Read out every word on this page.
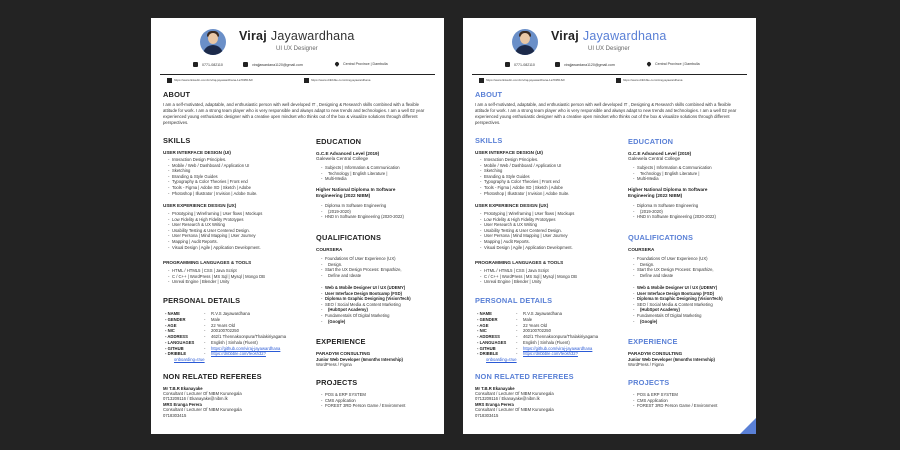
Viraj Jayawardhana
UI UX Designer
0771-082110	virajjawardana1120@gmail.com	Central Province | Dambulla
https://www.linkedin.com/in/viraj-jayawardhana-1a7995162/	https://www.dribbble.com/viraj-jayawardhana
ABOUT
I am a self-motivated, adaptable, and enthusiastic person with well developed IT , Designing & Research skills combined with a flexible attitude for work. I am a strong team player who is very responsible and always adapt to new trends and technologies. I am a well 02 year experienced young enthusiastic designer with a creative open mindset who thinks out of the box & visualize solutions through different perspectives.
SKILLS
USER INTERFACE DESIGN (UI)
- Interaction Design Principles.
- Mobile / Web / Dashboard / Application UI
- Sketching
- Branding & Style Guides
- Typography & Color Theories | Front end
- Tools - Figma | Adobe XD | Sketch | Adobe
- Photoshop | Illustrator | Invision | Adobe Suite.
USER EXPERIENCE DESIGN (UX)
- Prototyping | Wireframing | User flows | Mockups
- Low Fidelity & High Fidelity Prototypes
- User Research & UX Writing
- Usability Testing & User Centered Design.
- User Persona | Mind Mapping | User Journey
- Mapping | Audit Reports.
- Visual Design | Agile | Application Development.
PROGRAMMING LANGUAGES & TOOLS
- HTML / HTML5 | CSS | Java Script
- C / C++ | WordPress | MS Sql | Mysql | Mongo DB
- Unreal Engine | Blender | Unity
PERSONAL DETAILS
- NAME	-	R.V.S Jayawardhana
- GENDER	-	Male
- AGE	-	22 Years Old
- NIC	-	200100702250
- ADDRESS	-	462/1 Thennakoonpura/Thalakiriyagama
- LANGUAGES	-	English | Sinhala (Fluent)
- GITHUB	-	https://github.com/viraj-jayawardhana
- DRIBBLE	-	https://dribbble.com/feosh32?
onboarding=true
NON RELATED REFEREES
Mr T.B.R Ekanayake
Consultant / Lecturer Of NIBM Kurunegala
0713209116 / Ekanayake@nibm.lk
MRS Eranga Perera
Consultant / Lecturer Of NIBM Kurunegala
0718303415
EDUCATION
G.C.E Advanced Level (2019)
Galewela Central College
- Subjects | Information & Communication
- Technology | English Literature |
- Multi-Media
Higher National Diploma In Software
Engineering (2022 NIBM)
- Diploma In Software Engineering
- (2019-2020)
- HND In Software Engineering (2020-2022)
QUALIFICATIONS
COURSERA
- Foundations Of User Experience (UX)
- Design.
- Start the UX Design Process: Empathize,
- Define and Ideate
- Web & Mobile Designer UI / UX (UDEMY)
- User Interface Design Bootcamp (FSD)
- Diploma In Graphic Designing (VisionTech)
- SEO / Social Media & Content Marketing
- (HubSpot Academy)
- Fundamentals Of Digital Marketing
- (Google)
EXPERIENCE
PARADYM CONSULTING
Junior Web Developer (6months Internship)
WordPress / Figma
PROJECTS
- POS & ERP SYSTEM
- CMS Application
- FOREST 3RD Person Game / Environment
Viraj Jayawardhana
UI UX Designer
0771-082110	virajjawardana1120@gmail.com	Central Province | Dambulla
https://www.linkedin.com/in/viraj-jayawardhana-1a7995162/	https://www.dribbble.com/viraj-jayawardhana
ABOUT
I am a self-motivated, adaptable, and enthusiastic person with well developed IT , Designing & Research skills combined with a flexible attitude for work. I am a strong team player who is very responsible and always adapt to new trends and technologies. I am a well 02 year experienced young enthusiastic designer with a creative open mindset who thinks out of the box & visualize solutions through different perspectives.
SKILLS
USER INTERFACE DESIGN (UI)
- Interaction Design Principles.
- Mobile / Web / Dashboard / Application UI
- Sketching
- Branding & Style Guides
- Typography & Color Theories | Front end
- Tools - Figma | Adobe XD | Sketch | Adobe
- Photoshop | Illustrator | Invision | Adobe Suite.
USER EXPERIENCE DESIGN (UX)
- Prototyping | Wireframing | User flows | Mockups
- Low Fidelity & High Fidelity Prototypes
- User Research & UX Writing
- Usability Testing & User Centered Design.
- User Persona | Mind Mapping | User Journey
- Mapping | Audit Reports.
- Visual Design | Agile | Application Development.
PROGRAMMING LANGUAGES & TOOLS
- HTML / HTML5 | CSS | Java Script
- C / C++ | WordPress | MS Sql | Mysql | Mongo DB
- Unreal Engine | Blender | Unity
PERSONAL DETAILS
- NAME	-	R.V.S Jayawardhana
- GENDER	-	Male
- AGE	-	22 Years Old
- NIC	-	200100702250
- ADDRESS	-	462/1 Thennakoonpura/Thalakiriyagama
- LANGUAGES	-	English | Sinhala (Fluent)
- GITHUB	-	https://github.com/viraj-jayawardhana
- DRIBBLE	-	https://dribbble.com/feosh32?
onboarding=true
NON RELATED REFEREES
Mr T.B.R Ekanayake
Consultant / Lecturer Of NIBM Kurunegala
0713209116 / Ekanayake@nibm.lk
MRS Eranga Perera
Consultant / Lecturer Of NIBM Kurunegala
0718303415
EDUCATION
G.C.E Advanced Level (2019)
Galewela Central College
- Subjects | Information & Communication
- Technology | English Literature |
- Multi-Media
Higher National Diploma In Software
Engineering (2022 NIBM)
- Diploma In Software Engineering
- (2019-2020)
- HND In Software Engineering (2020-2022)
QUALIFICATIONS
COURSERA
- Foundations Of User Experience (UX)
- Design.
- Start the UX Design Process: Empathize,
- Define and Ideate
- Web & Mobile Designer UI / UX (UDEMY)
- User Interface Design Bootcamp (FSD)
- Diploma In Graphic Designing (VisionTech)
- SEO / Social Media & Content Marketing
- (HubSpot Academy)
- Fundamentals Of Digital Marketing
- (Google)
EXPERIENCE
PARADYM CONSULTING
Junior Web Developer (6months Internship)
WordPress / Figma
PROJECTS
- POS & ERP SYSTEM
- CMS Application
- FOREST 3RD Person Game / Environment
